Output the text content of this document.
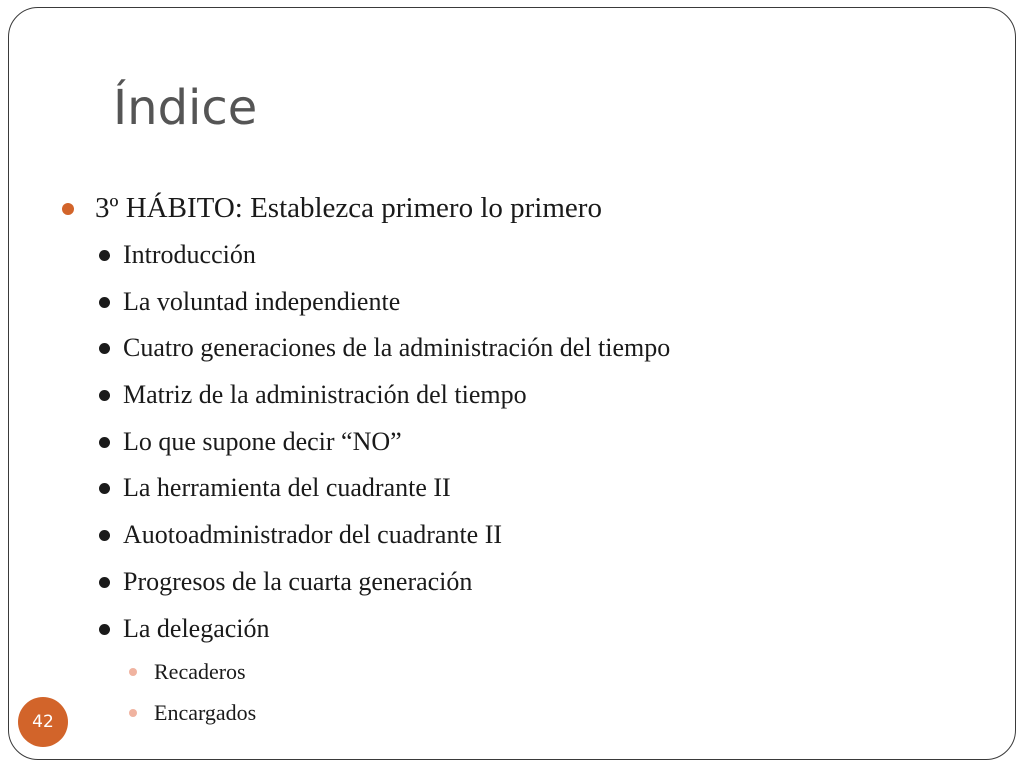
Índice
3º HÁBITO: Establezca primero lo primero
Introducción
La voluntad independiente
Cuatro generaciones de la administración del tiempo
Matriz de la administración del tiempo
Lo que supone decir “NO”
La herramienta del cuadrante II
Auotoadministrador del cuadrante II
Progresos de la cuarta generación
La delegación
Recaderos
Encargados
42
